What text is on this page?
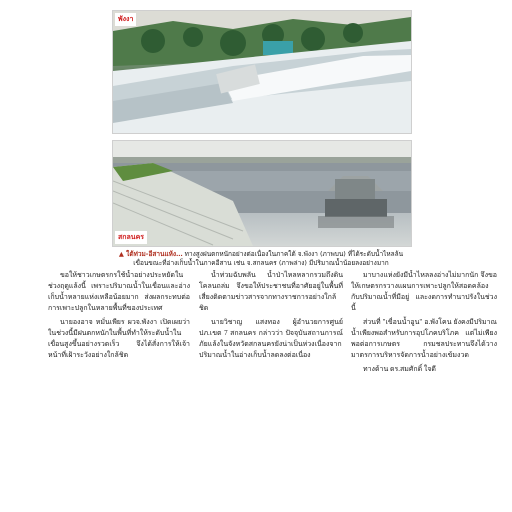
พังงา
สกลนคร
▲ ใต้ท่วม-อีสานแห้ง… ทางสูงฝนตกหนักอย่างต่อเนื่องในภาคใต้ จ.พังงา (ภาพบน) ที่ได้ระดับน้ำไหลล้นเขื่อนขณะที่อ่างเก็บน้ำในภาคอีสาน เช่น จ.สกลนคร (ภาพล่าง) มีปริมาณน้ำน้อยลงอย่างมาก

ขอให้ชาวเกษตรกรใช้น้ำอย่างประหยัดในช่วงฤดูแล้งนี้ เพราะปริมาณน้ำในเขื่อนและอ่างเก็บน้ำหลายแห่งเหลือน้อยมาก ส่งผลกระทบต่อการเพาะปลูกในหลายพื้นที่ของประเทศ

นายองอาจ หมั่นเพียร ผวจ.พังงา เปิดเผยว่า ในช่วงนี้มีฝนตกหนักในพื้นที่ทำให้ระดับน้ำในเขื่อนสูงขึ้นอย่างรวดเร็ว จึงได้สั่งการให้เจ้าหน้าที่เฝ้าระวังอย่างใกล้ชิด

น้ำท่วมฉับพลัน น้ำป่าไหลหลากรวมถึงดินโคลนถล่ม จึงขอให้ประชาชนที่อาศัยอยู่ในพื้นที่เสี่ยงติดตามข่าวสารจากทางราชการอย่างใกล้ชิด

นายวิชาญ แสงทอง ผู้อำนวยการศูนย์ ปภ.เขต 7 สกลนคร กล่าวว่า ปัจจุบันสถานการณ์ภัยแล้งในจังหวัดสกลนครยังน่าเป็นห่วงเนื่องจากปริมาณน้ำในอ่างเก็บน้ำลดลงต่อเนื่อง

มาบางแห่งยังมีน้ำไหลลงอ่างไม่มากนัก จึงขอให้เกษตรกรวางแผนการเพาะปลูกให้สอดคล้องกับปริมาณน้ำที่มีอยู่ และงดการทำนาปรังในช่วงนี้

ส่วนที่ "เขื่อนน้ำอูน" อ.พังโคน ยังคงมีปริมาณน้ำเพียงพอสำหรับการอุปโภคบริโภค แต่ไม่เพียงพอต่อการเกษตร กรมชลประทานจึงได้วางมาตรการบริหารจัดการน้ำอย่างเข้มงวด

ทางด้าน ดร.สมศักดิ์ ใจดี
